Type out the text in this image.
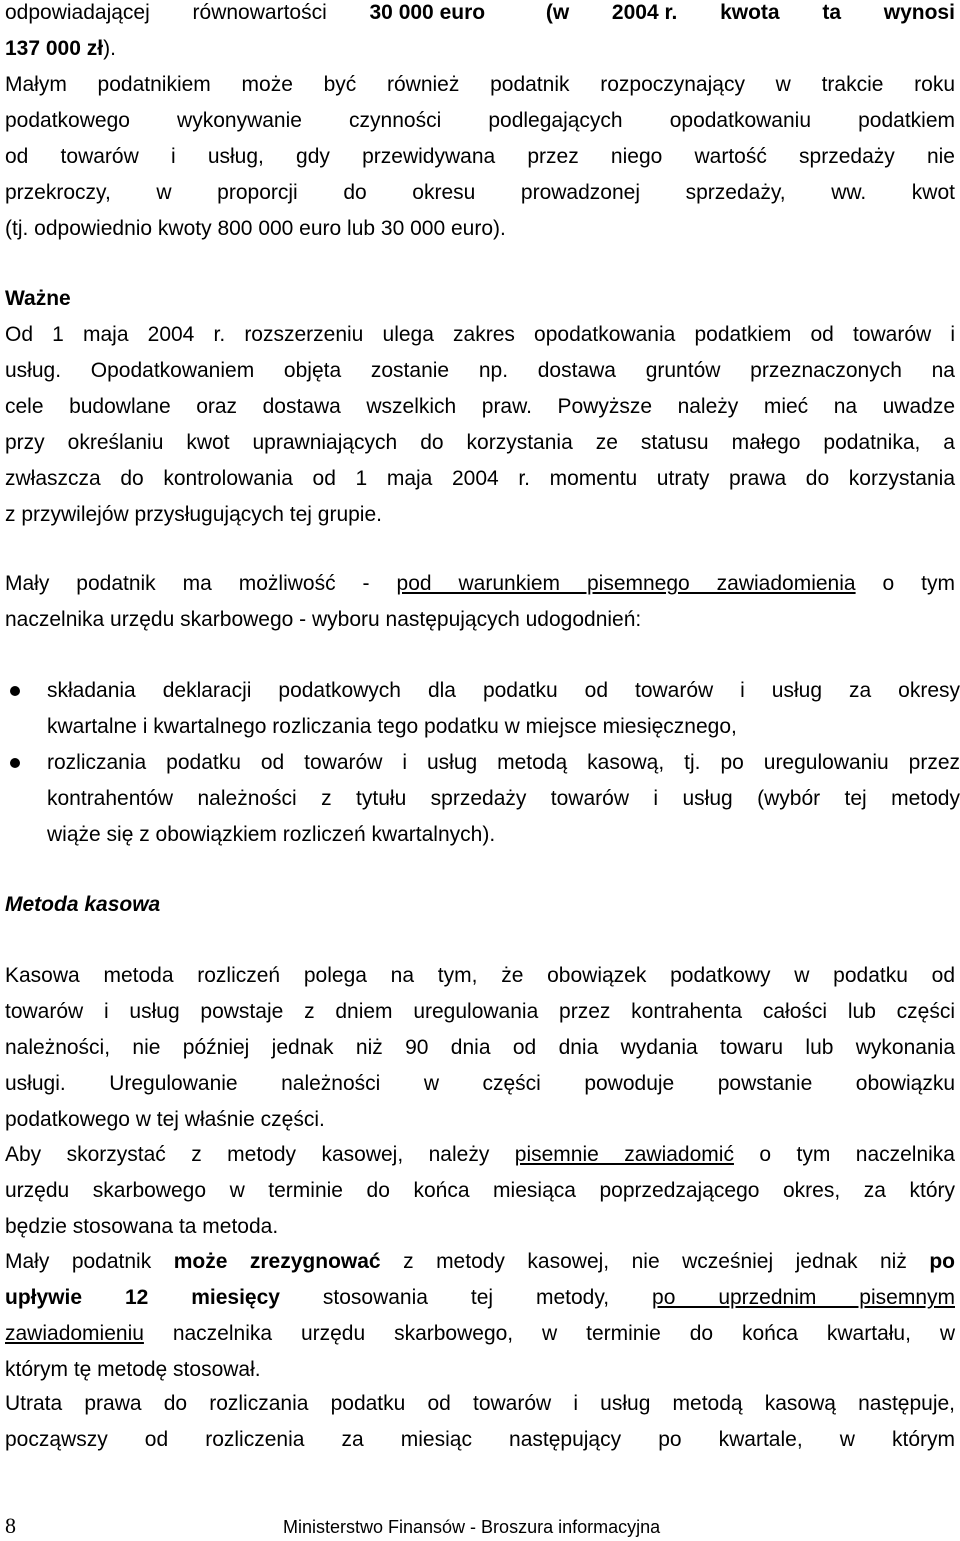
odpowiadającej równowartości 30 000 euro	(w 2004 r. kwota ta wynosi
137 000 zł).
Małym podatnikiem może być również podatnik rozpoczynający w trakcie roku
podatkowego wykonywanie czynności podlegających opodatkowaniu podatkiem
od towarów i usług, gdy przewidywana przez niego wartość sprzedaży nie
przekroczy, w proporcji do okresu prowadzonej sprzedaży, ww. kwot
(tj. odpowiednio kwoty 800 000 euro lub 30 000 euro).
Ważne
Od 1 maja 2004 r. rozszerzeniu ulega zakres opodatkowania podatkiem od towarów i
usług. Opodatkowaniem objęta zostanie np. dostawa gruntów przeznaczonych na
cele budowlane oraz dostawa wszelkich praw. Powyższe należy mieć na uwadze
przy określaniu kwot uprawniających do korzystania ze statusu małego podatnika, a
zwłaszcza do kontrolowania od 1 maja 2004 r. momentu utraty prawa do korzystania
z przywilejów przysługujących tej grupie.
Mały podatnik ma możliwość - pod warunkiem pisemnego zawiadomienia o tym
naczelnika urzędu skarbowego - wyboru następujących udogodnień:
składania deklaracji podatkowych dla podatku od towarów i usług za okresy
kwartalne i kwartalnego rozliczania tego podatku w miejsce miesięcznego,
rozliczania podatku od towarów i usług metodą kasową, tj. po uregulowaniu przez
kontrahentów należności z tytułu sprzedaży towarów i usług (wybór tej metody
wiąże się z obowiązkiem rozliczeń kwartalnych).
Metoda kasowa
Kasowa metoda rozliczeń polega na tym, że obowiązek podatkowy w podatku od
towarów i usług powstaje z dniem uregulowania przez kontrahenta całości lub części
należności, nie później jednak niż 90 dnia od dnia wydania towaru lub wykonania
usługi. Uregulowanie należności w części powoduje powstanie obowiązku
podatkowego w tej właśnie części.
Aby skorzystać z metody kasowej, należy pisemnie zawiadomić o tym naczelnika
urzędu skarbowego w terminie do końca miesiąca poprzedzającego okres, za który
będzie stosowana ta metoda.
Mały podatnik może zrezygnować z metody kasowej, nie wcześniej jednak niż po
upływie 12 miesięcy stosowania tej metody, po uprzednim pisemnym
zawiadomieniu naczelnika urzędu skarbowego, w terminie do końca kwartału, w
którym tę metodę stosował.
Utrata prawa do rozliczania podatku od towarów i usług metodą kasową następuje,
począwszy od rozliczenia za miesiąc następujący po kwartale, w którym
8	Ministerstwo Finansów - Broszura informacyjna
